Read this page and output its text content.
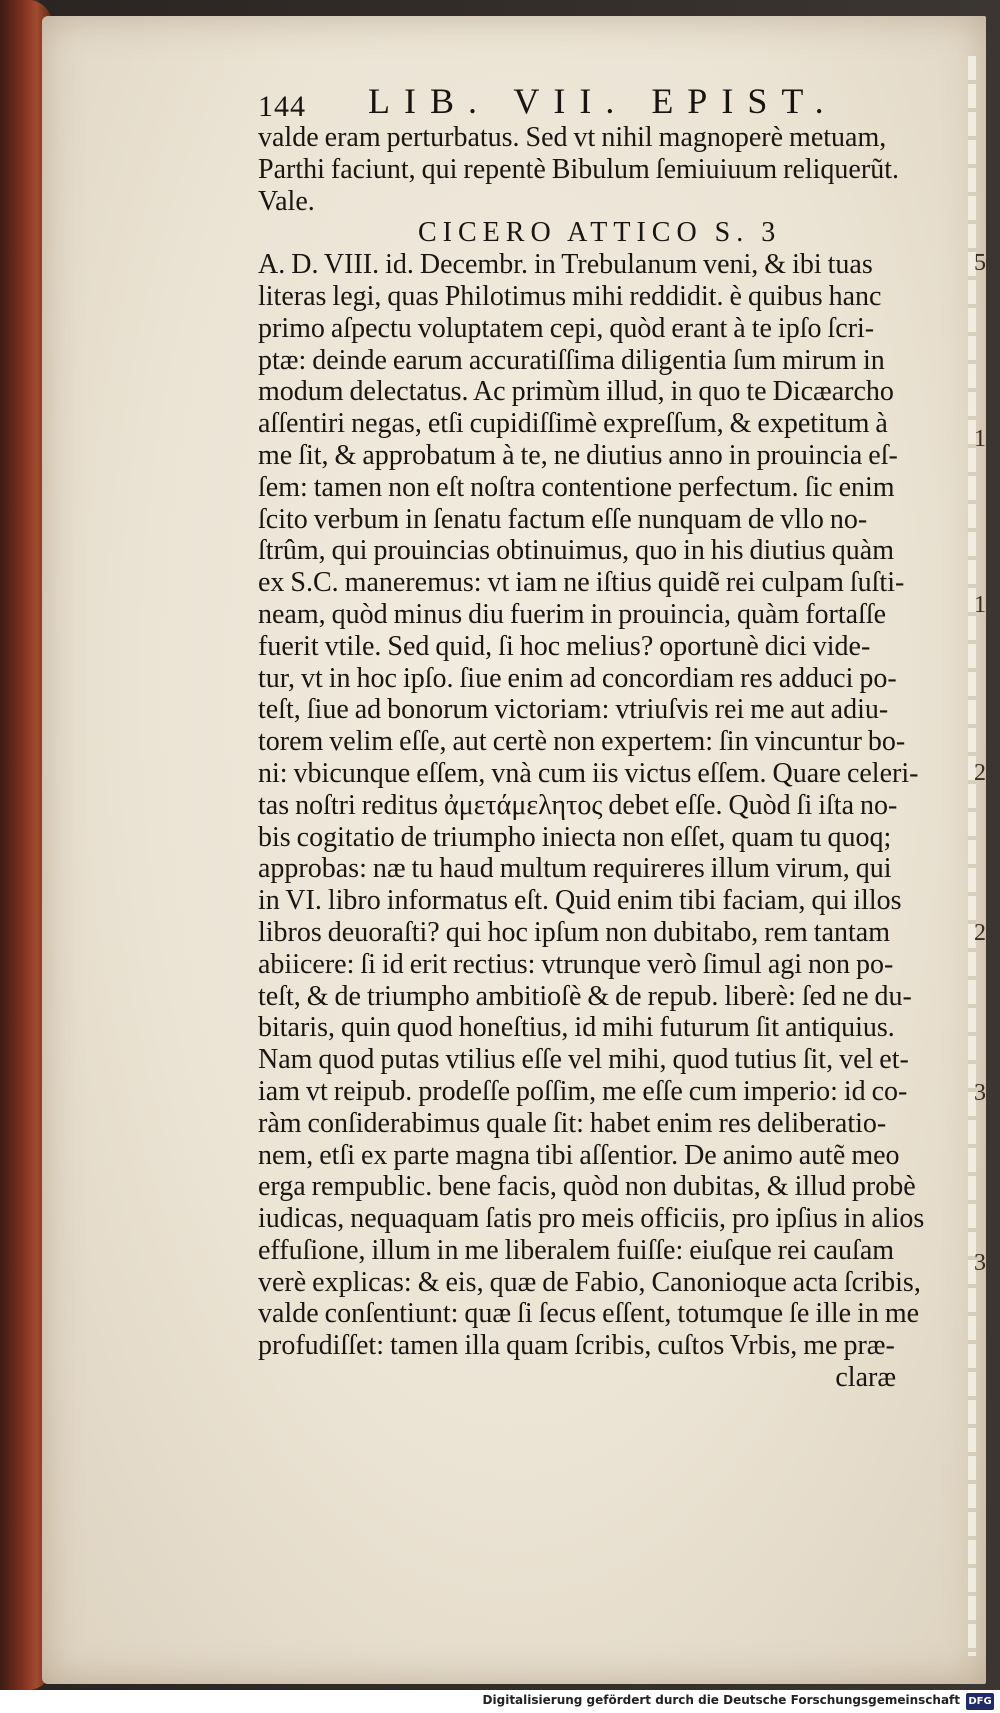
144 LIB. VII. EPIST.
valde eram perturbatus. Sed vt nihil magnoperè metuam,
Parthi faciunt, qui repentè Bibulum ſemiuiuum reliquerũt.
Vale.
CICERO ATTICO S. 3
A. D. VIII. id. Decembr. in Trebulanum veni, & ibi tuas
literas legi, quas Philotimus mihi reddidit. è quibus hanc
primo aſpectu voluptatem cepi, quòd erant à te ipſo ſcri-
ptæ: deinde earum accuratiſſima diligentia ſum mirum in
modum delectatus. Ac primùm illud, in quo te Dicæarcho
aſſentiri negas, etſi cupidiſſimè expreſſum, & expetitum à
me ſit, & approbatum à te, ne diutius anno in prouincia eſ-
ſem: tamen non eſt noſtra contentione perfectum. ſic enim
ſcito verbum in ſenatu factum eſſe nunquam de vllo no-
ſtrûm, qui prouincias obtinuimus, quo in his diutius quàm
ex S.C. maneremus: vt iam ne iſtius quidẽ rei culpam ſuſti-
neam, quòd minus diu fuerim in prouincia, quàm fortaſſe
fuerit vtile. Sed quid, ſi hoc melius? oportunè dici vide-
tur, vt in hoc ipſo. ſiue enim ad concordiam res adduci po-
teſt, ſiue ad bonorum victoriam: vtriuſvis rei me aut adiu-
torem velim eſſe, aut certè non expertem: ſin vincuntur bo-
ni: vbicunque eſſem, vnà cum iis victus eſſem. Quare celeri-
tas noſtri reditus ἀμετάμελητος debet eſſe. Quòd ſi iſta no-
bis cogitatio de triumpho iniecta non eſſet, quam tu quoq;
approbas: næ tu haud multum requireres illum virum, qui
in VI. libro informatus eſt. Quid enim tibi faciam, qui illos
libros deuoraſti? qui hoc ipſum non dubitabo, rem tantam
abiicere: ſi id erit rectius: vtrunque verò ſimul agi non po-
teſt, & de triumpho ambitioſè & de repub. liberè: ſed ne du-
bitaris, quin quod honeſtius, id mihi futurum ſit antiquius.
Nam quod putas vtilius eſſe vel mihi, quod tutius ſit, vel et-
iam vt reipub. prodeſſe poſſim, me eſſe cum imperio: id co-
ràm conſiderabimus quale ſit: habet enim res deliberatio-
nem, etſi ex parte magna tibi aſſentior. De animo autẽ meo
erga rempublic. bene facis, quòd non dubitas, & illud probè
iudicas, nequaquam ſatis pro meis officiis, pro ipſius in alios
effuſione, illum in me liberalem fuiſſe: eiuſque rei cauſam
verè explicas: & eis, quæ de Fabio, Canonioque acta ſcribis,
valde conſentiunt: quæ ſi ſecus eſſent, totumque ſe ille in me
profudiſſet: tamen illa quam ſcribis, cuſtos Vrbis, me præ-
claræ
5
1
1
2
2
3
3
Digitalisierung gefördert durch die Deutsche Forschungsgemeinschaft DFG
